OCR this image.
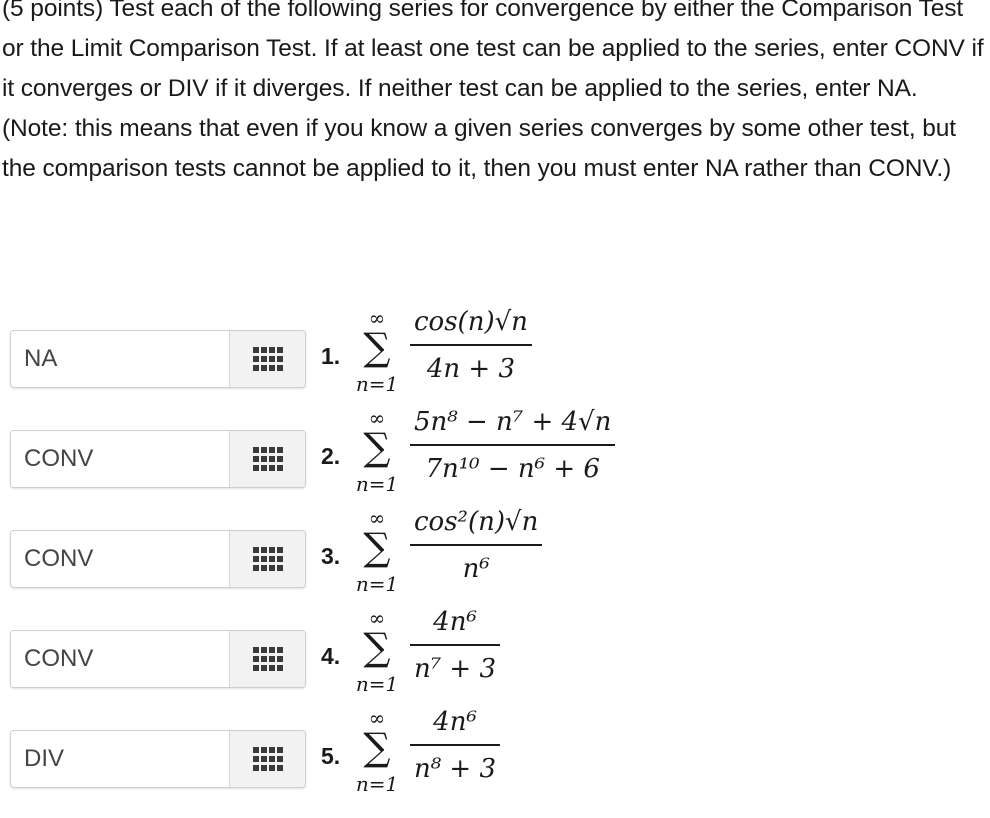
(5 points) Test each of the following series for convergence by either the Comparison Test or the Limit Comparison Test. If at least one test can be applied to the series, enter CONV if it converges or DIV if it diverges. If neither test can be applied to the series, enter NA. (Note: this means that even if you know a given series converges by some other test, but the comparison tests cannot be applied to it, then you must enter NA rather than CONV.)

NA
1.
∞
∑
n=1
cos(n)√n
4n + 3
CONV
2.
∞
∑
n=1
5n⁸ − n⁷ + 4√n
7n¹⁰ − n⁶ + 6
CONV
3.
∞
∑
n=1
cos²(n)√n
n⁶
CONV
4.
∞
∑
n=1
4n⁶
n⁷ + 3
DIV
5.
∞
∑
n=1
4n⁶
n⁸ + 3
